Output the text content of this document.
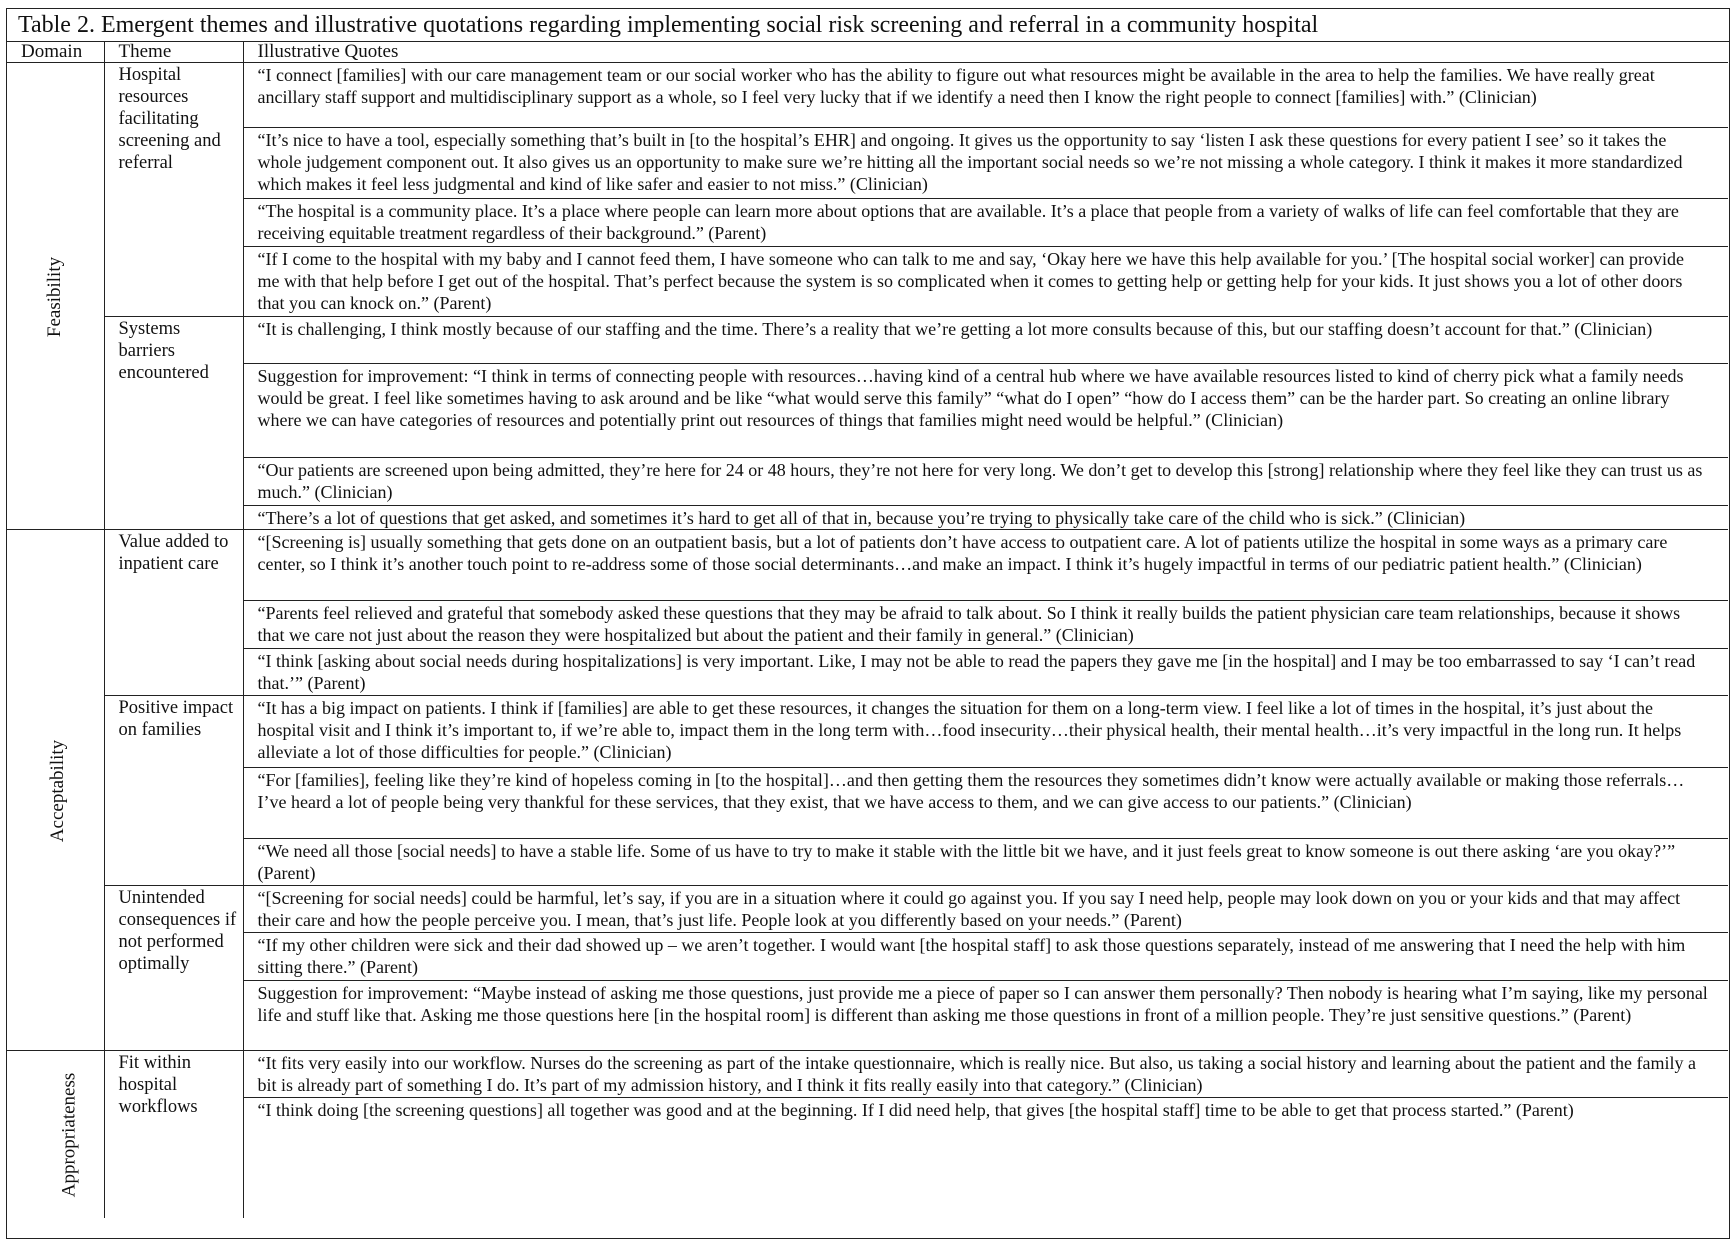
Table 2. Emergent themes and illustrative quotations regarding implementing social risk screening and referral in a community hospital
Domain	Theme	Illustrative Quotes
Feasibility	Hospital resources facilitating screening and referral	“I connect [families] with our care management team or our social worker who has the ability to figure out what resources might be available in the area to help the families. We have really great ancillary staff support and multidisciplinary support as a whole, so I feel very lucky that if we identify a need then I know the right people to connect [families] with.” (Clinician)
		“It’s nice to have a tool, especially something that’s built in [to the hospital’s EHR] and ongoing. It gives us the opportunity to say ‘listen I ask these questions for every patient I see’ so it takes the whole judgement component out. It also gives us an opportunity to make sure we’re hitting all the important social needs so we’re not missing a whole category. I think it makes it more standardized which makes it feel less judgmental and kind of like safer and easier to not miss.” (Clinician)
		“The hospital is a community place. It’s a place where people can learn more about options that are available. It’s a place that people from a variety of walks of life can feel comfortable that they are receiving equitable treatment regardless of their background.” (Parent)
		“If I come to the hospital with my baby and I cannot feed them, I have someone who can talk to me and say, ‘Okay here we have this help available for you.’ [The hospital social worker] can provide me with that help before I get out of the hospital. That’s perfect because the system is so complicated when it comes to getting help or getting help for your kids. It just shows you a lot of other doors that you can knock on.” (Parent)
	Systems barriers encountered	“It is challenging, I think mostly because of our staffing and the time. There’s a reality that we’re getting a lot more consults because of this, but our staffing doesn’t account for that.” (Clinician)
		Suggestion for improvement: “I think in terms of connecting people with resources…having kind of a central hub where we have available resources listed to kind of cherry pick what a family needs would be great. I feel like sometimes having to ask around and be like “what would serve this family” “what do I open” “how do I access them” can be the harder part. So creating an online library where we can have categories of resources and potentially print out resources of things that families might need would be helpful.” (Clinician)
		“Our patients are screened upon being admitted, they’re here for 24 or 48 hours, they’re not here for very long. We don’t get to develop this [strong] relationship where they feel like they can trust us as much.” (Clinician)
		“There’s a lot of questions that get asked, and sometimes it’s hard to get all of that in, because you’re trying to physically take care of the child who is sick.” (Clinician)
Acceptability	Value added to inpatient care	“[Screening is] usually something that gets done on an outpatient basis, but a lot of patients don’t have access to outpatient care. A lot of patients utilize the hospital in some ways as a primary care center, so I think it’s another touch point to re-address some of those social determinants…and make an impact. I think it’s hugely impactful in terms of our pediatric patient health.” (Clinician)
		“Parents feel relieved and grateful that somebody asked these questions that they may be afraid to talk about. So I think it really builds the patient physician care team relationships, because it shows that we care not just about the reason they were hospitalized but about the patient and their family in general.” (Clinician)
		“I think [asking about social needs during hospitalizations] is very important. Like, I may not be able to read the papers they gave me [in the hospital] and I may be too embarrassed to say ‘I can’t read that.’” (Parent)
	Positive impact on families	“It has a big impact on patients. I think if [families] are able to get these resources, it changes the situation for them on a long-term view. I feel like a lot of times in the hospital, it’s just about the hospital visit and I think it’s important to, if we’re able to, impact them in the long term with…food insecurity…their physical health, their mental health…it’s very impactful in the long run. It helps alleviate a lot of those difficulties for people.” (Clinician)
		“For [families], feeling like they’re kind of hopeless coming in [to the hospital]…and then getting them the resources they sometimes didn’t know were actually available or making those referrals…I’ve heard a lot of people being very thankful for these services, that they exist, that we have access to them, and we can give access to our patients.” (Clinician)
		“We need all those [social needs] to have a stable life. Some of us have to try to make it stable with the little bit we have, and it just feels great to know someone is out there asking ‘are you okay?’” (Parent)
	Unintended consequences if not performed optimally	“[Screening for social needs] could be harmful, let’s say, if you are in a situation where it could go against you. If you say I need help, people may look down on you or your kids and that may affect their care and how the people perceive you. I mean, that’s just life. People look at you differently based on your needs.” (Parent)
		“If my other children were sick and their dad showed up – we aren’t together. I would want [the hospital staff] to ask those questions separately, instead of me answering that I need the help with him sitting there.” (Parent)
		Suggestion for improvement: “Maybe instead of asking me those questions, just provide me a piece of paper so I can answer them personally? Then nobody is hearing what I’m saying, like my personal life and stuff like that. Asking me those questions here [in the hospital room] is different than asking me those questions in front of a million people. They’re just sensitive questions.” (Parent)
Appropriateness	Fit within hospital workflows	“It fits very easily into our workflow. Nurses do the screening as part of the intake questionnaire, which is really nice. But also, us taking a social history and learning about the patient and the family a bit is already part of something I do. It’s part of my admission history, and I think it fits really easily into that category.” (Clinician)
		“I think doing [the screening questions] all together was good and at the beginning. If I did need help, that gives [the hospital staff] time to be able to get that process started.” (Parent)
